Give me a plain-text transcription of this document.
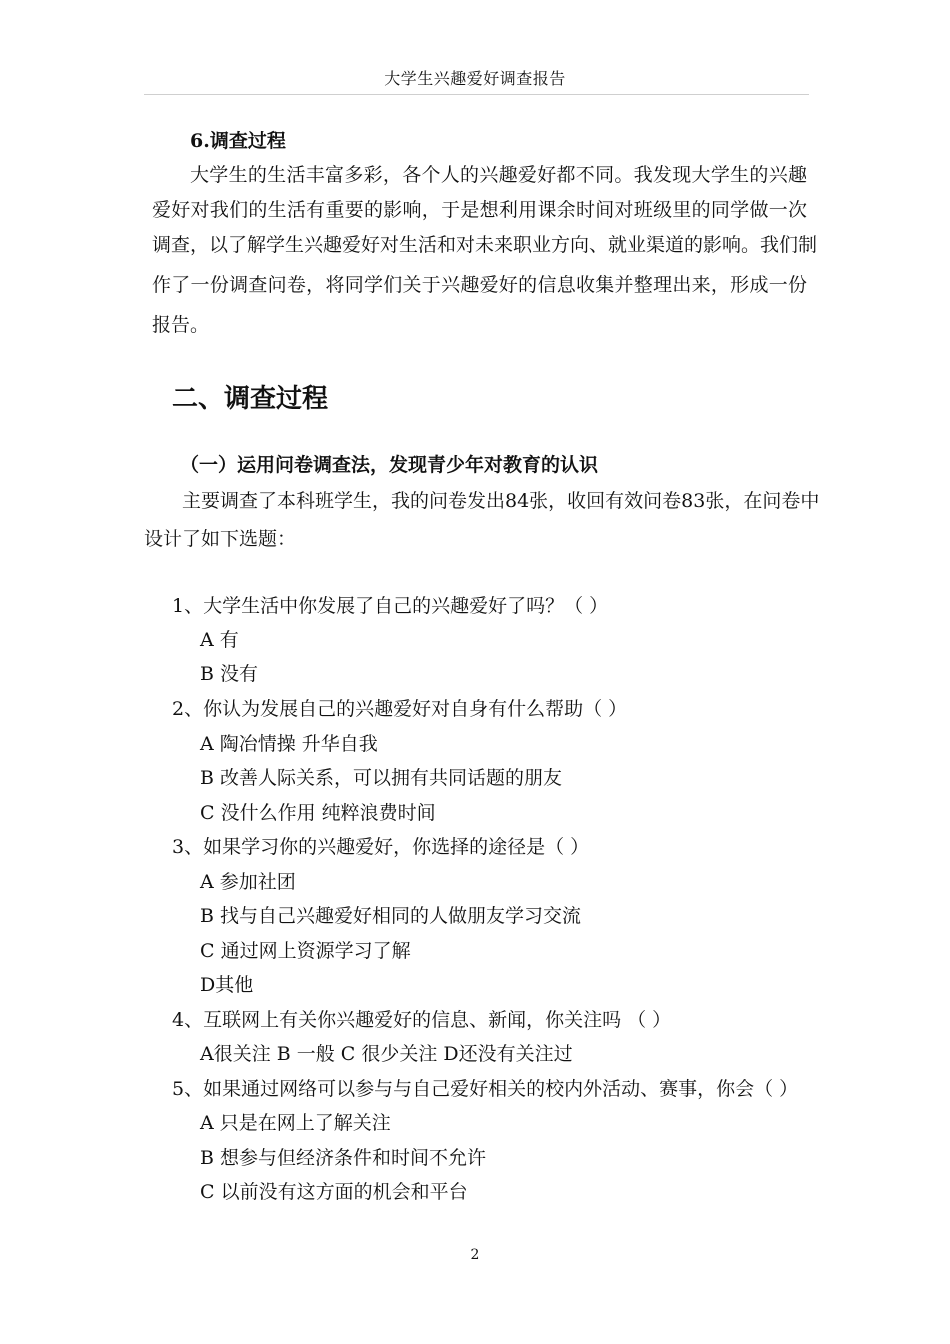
大学生兴趣爱好调查报告
6.调查过程
大学生的生活丰富多彩，各个人的兴趣爱好都不同。我发现大学生的兴趣
爱好对我们的生活有重要的影响，于是想利用课余时间对班级里的同学做一次
调查，以了解学生兴趣爱好对生活和对未来职业方向、就业渠道的影响。我们制
作了一份调查问卷，将同学们关于兴趣爱好的信息收集并整理出来，形成一份
报告。
二、调查过程
（一）运用问卷调查法，发现青少年对教育的认识
主要调查了本科班学生，我的问卷发出84张，收回有效问卷83张，在问卷中
设计了如下选题：
1、大学生活中你发展了自己的兴趣爱好了吗？（ ）
A 有
B 没有
2、你认为发展自己的兴趣爱好对自身有什么帮助（ ）
A 陶冶情操 升华自我
B 改善人际关系，可以拥有共同话题的朋友
C 没什么作用 纯粹浪费时间
3、如果学习你的兴趣爱好，你选择的途径是（ ）
A 参加社团
B 找与自己兴趣爱好相同的人做朋友学习交流
C 通过网上资源学习了解
D其他
4、互联网上有关你兴趣爱好的信息、新闻，你关注吗 （ ）
A很关注 B 一般 C 很少关注 D还没有关注过
5、如果通过网络可以参与与自己爱好相关的校内外活动、赛事，你会（ ）
A 只是在网上了解关注
B 想参与但经济条件和时间不允许
C 以前没有这方面的机会和平台
2
